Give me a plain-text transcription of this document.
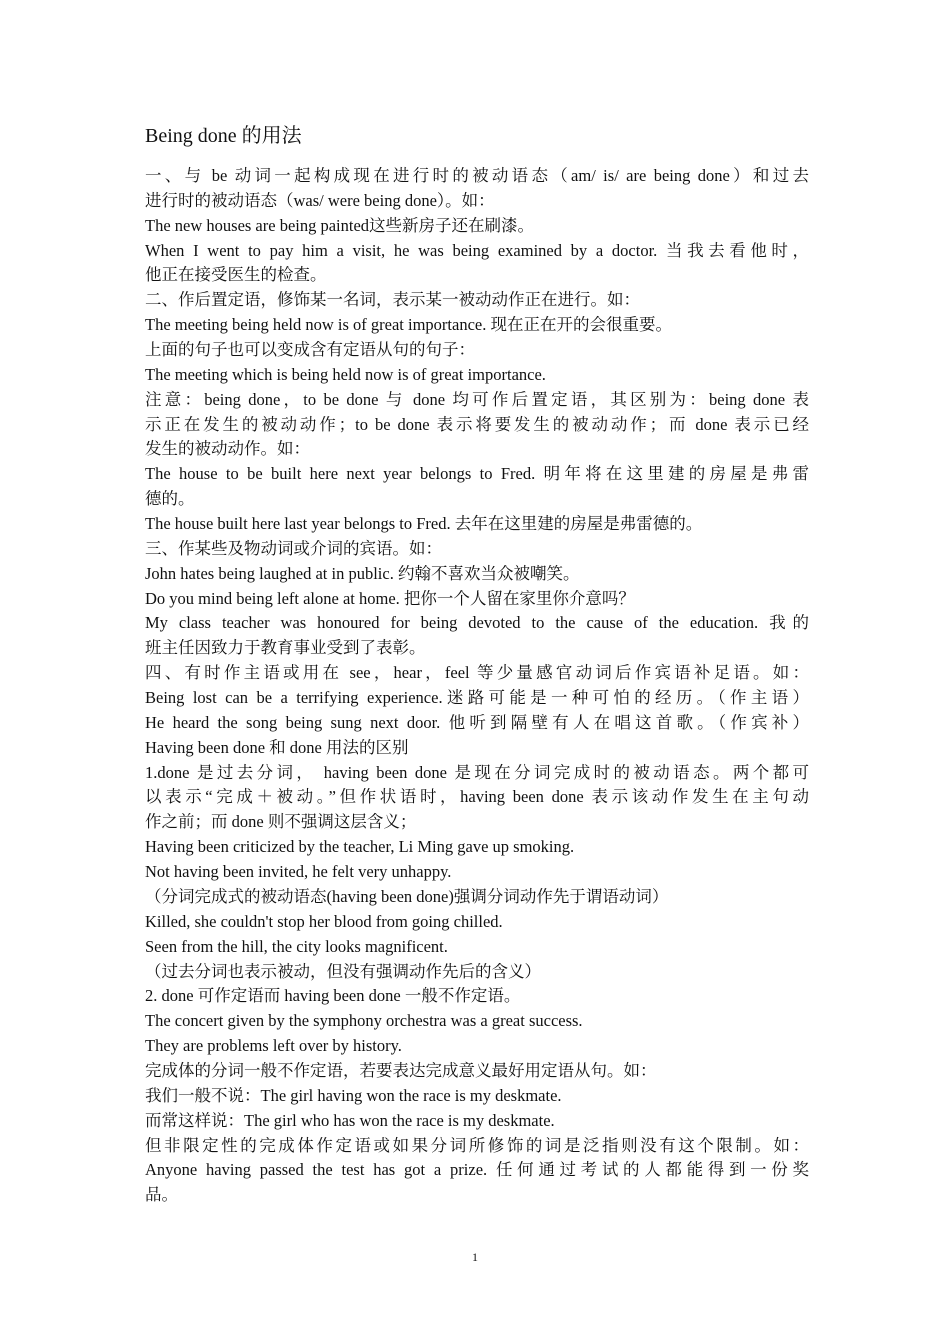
Being done 的用法
一、与 be 动词一起构成现在进行时的被动语态（am/ is/ are being done）和过去
进行时的被动语态（was/ were being done）。如：
The new houses are being painted这些新房子还在刷漆。
When I went to pay him a visit, he was being examined by a doctor. 当我去看他时，
他正在接受医生的检查。
二、作后置定语，修饰某一名词，表示某一被动动作正在进行。如：
The meeting being held now is of great importance. 现在正在开的会很重要。
上面的句子也可以变成含有定语从句的句子：
The meeting which is being held now is of great importance.
注意：being done，to be done 与 done 均可作后置定语，其区别为：being done 表
示正在发生的被动动作；to be done 表示将要发生的被动动作；而 done 表示已经
发生的被动动作。如：
The house to be built here next year belongs to Fred. 明年将在这里建的房屋是弗雷
德的。
The house built here last year belongs to Fred. 去年在这里建的房屋是弗雷德的。
三、作某些及物动词或介词的宾语。如：
John hates being laughed at in public. 约翰不喜欢当众被嘲笑。
Do you mind being left alone at home. 把你一个人留在家里你介意吗？
My class teacher was honoured for being devoted to the cause of the education. 我的
班主任因致力于教育事业受到了表彰。
四、有时作主语或用在 see，hear，feel 等少量感官动词后作宾语补足语。如：
Being lost can be a terrifying experience.迷路可能是一种可怕的经历。（作主语）
He heard the song being sung next door. 他听到隔壁有人在唱这首歌。（作宾补）
Having been done 和 done 用法的区别
1.done 是过去分词， having been done 是现在分词完成时的被动语态。两个都可
以表示“完成＋被动。”但作状语时，having been done 表示该动作发生在主句动
作之前；而 done 则不强调这层含义；
Having been criticized by the teacher, Li Ming gave up smoking.
Not having been invited, he felt very unhappy.
（分词完成式的被动语态(having been done)强调分词动作先于谓语动词）
Killed, she couldn't stop her blood from going chilled.
Seen from the hill, the city looks magnificent.
（过去分词也表示被动，但没有强调动作先后的含义）
2. done 可作定语而 having been done 一般不作定语。
The concert given by the symphony orchestra was a great success.
They are problems left over by history.
完成体的分词一般不作定语，若要表达完成意义最好用定语从句。如：
我们一般不说：The girl having won the race is my deskmate.
而常这样说：The girl who has won the race is my deskmate.
但非限定性的完成体作定语或如果分词所修饰的词是泛指则没有这个限制。如：
Anyone having passed the test has got a prize. 任何通过考试的人都能得到一份奖
品。
1
